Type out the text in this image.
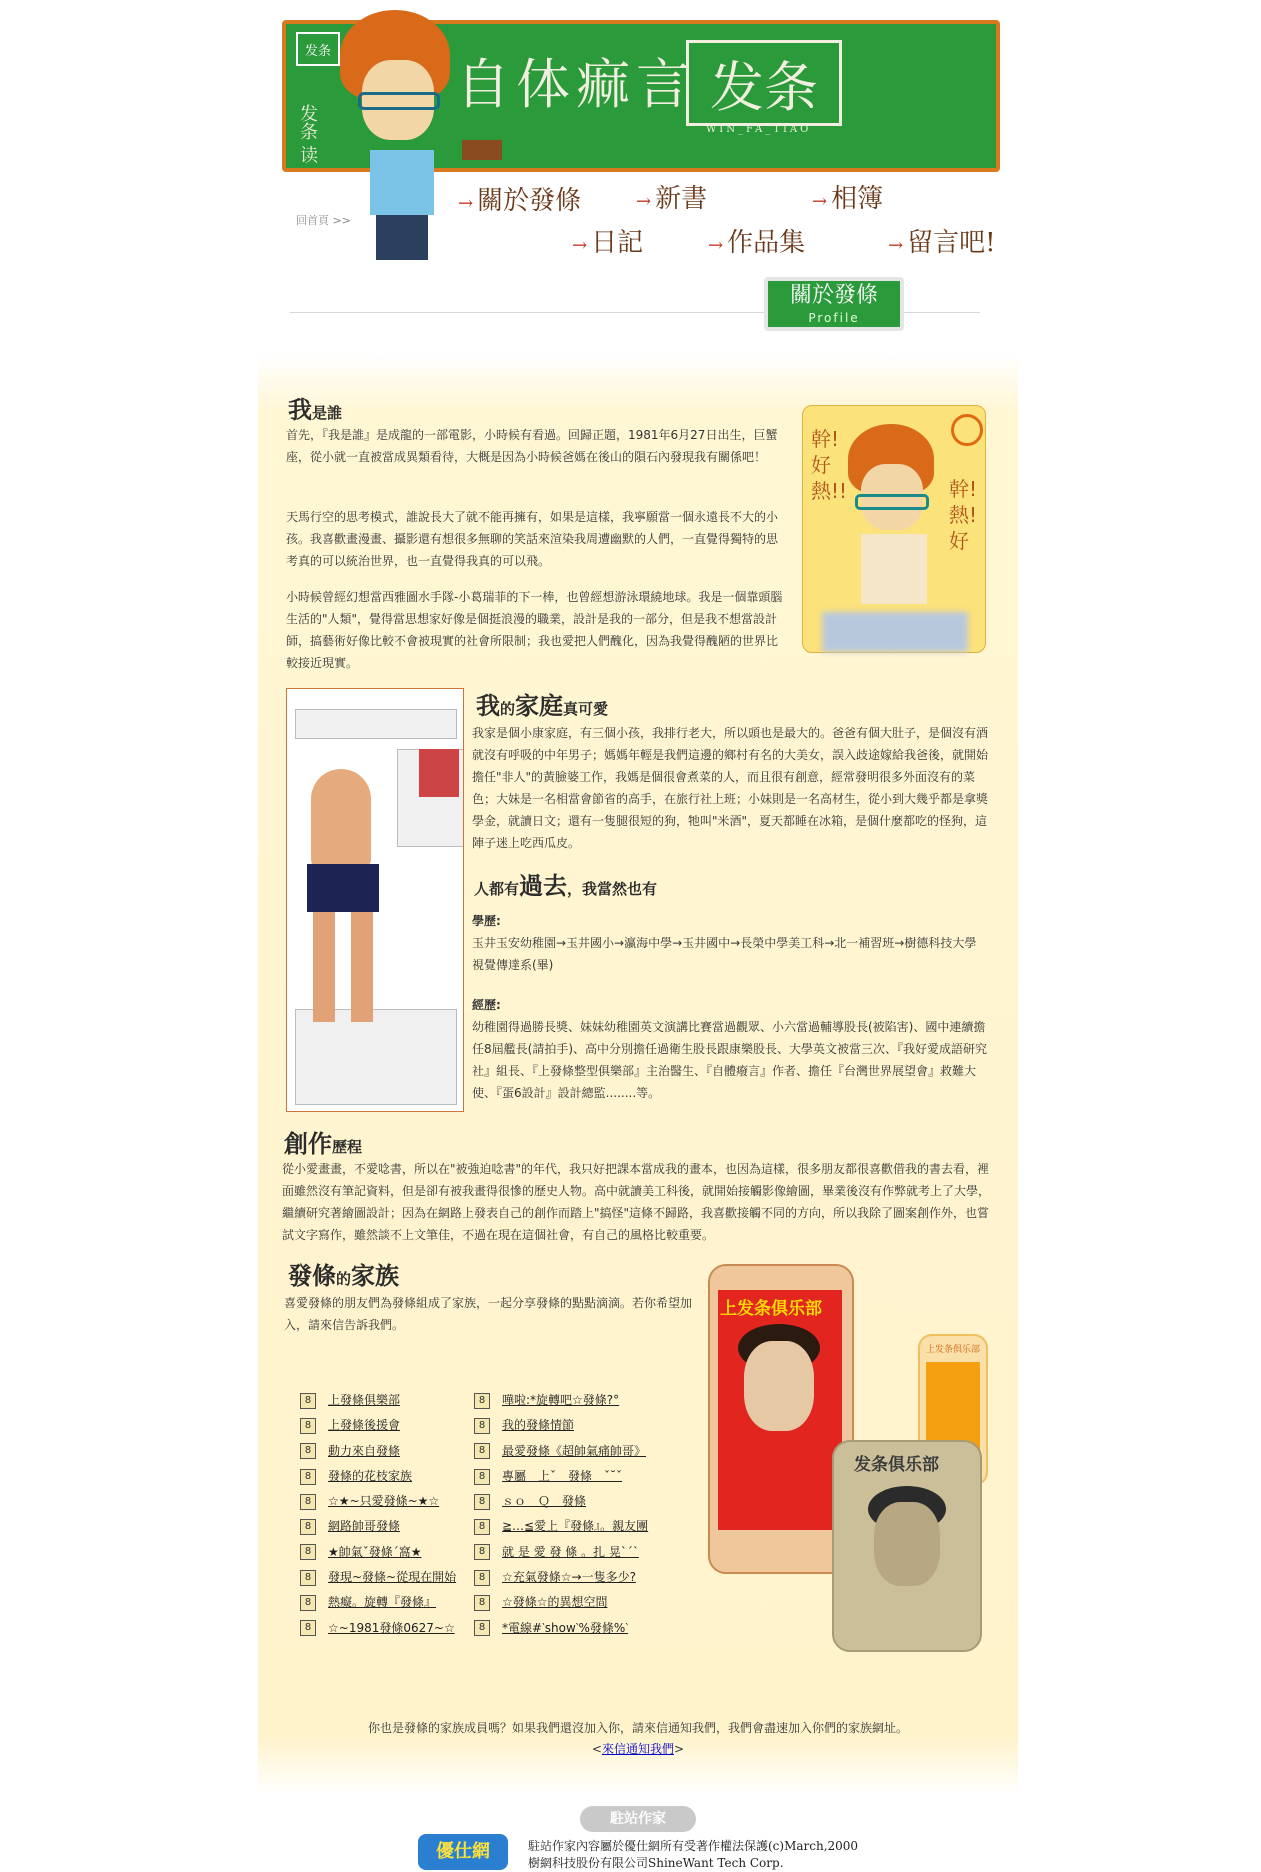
发条
发条 读
自体痲言 发条
WIN_FA_TIAO
回首頁 >>
→ 關於發條	→ 新書	→ 相簿
→ 日記	→ 作品集	→ 留言吧!
關於發條
Profile
我是誰
首先，『我是誰』是成龍的一部電影，小時候有看過。回歸正題，1981年6月27日出生，巨蟹座，從小就一直被當成異類看待，大概是因為小時候爸媽在後山的隕石內發現我有關係吧！
天馬行空的思考模式，誰說長大了就不能再擁有，如果是這樣，我寧願當一個永遠長不大的小孩。我喜歡畫漫畫、攝影還有想很多無聊的笑話來渲染我周遭幽默的人們，一直覺得獨特的思考真的可以統治世界，也一直覺得我真的可以飛。
小時候曾經幻想當西雅圖水手隊-小葛瑞菲的下一棒，也曾經想游泳環繞地球。我是一個靠頭腦生活的"人類"，覺得當思想家好像是個挺浪漫的職業，設計是我的一部分，但是我不想當設計師，搞藝術好像比較不會被現實的社會所限制；我也愛把人們醜化，因為我覺得醜陋的世界比較接近現實。
幹!好熱!!	幹!熱!好
我的家庭真可愛
我家是個小康家庭，有三個小孩，我排行老大，所以頭也是最大的。爸爸有個大肚子，是個沒有酒就沒有呼吸的中年男子；媽媽年輕是我們這邊的鄉村有名的大美女，誤入歧途嫁給我爸後，就開始擔任"非人"的黃臉婆工作，我媽是個很會煮菜的人，而且很有創意，經常發明很多外面沒有的菜色；大妹是一名相當會節省的高手，在旅行社上班；小妹則是一名高材生，從小到大幾乎都是拿獎學金，就讀日文；還有一隻腿很短的狗，牠叫"米酒"，夏天都睡在冰箱，是個什麼都吃的怪狗，這陣子迷上吃西瓜皮。
人都有過去，我當然也有
學歷:
玉井玉安幼稚園→玉井國小→瀛海中學→玉井國中→長榮中學美工科→北一補習班→樹德科技大學 視覺傳達系(畢)
經歷:
幼稚園得過勝長獎、妹妹幼稚園英文演講比賽當過觀眾、小六當過輔導股長(被陷害)、國中連續擔任8屆艦長(請拍手)、高中分別擔任過衛生股長跟康樂股長、大學英文被當三次、『我好愛成語研究社』組長、『上發條整型俱樂部』主治醫生、『自體癈言』作者、擔任『台灣世界展望會』救難大使、『蛋6設計』設計總監........等。
創作歷程
從小愛畫畫，不愛唸書，所以在"被強迫唸書"的年代，我只好把課本當成我的畫本，也因為這樣，很多朋友都很喜歡借我的書去看，裡面雖然沒有筆記資料，但是卻有被我畫得很慘的歷史人物。高中就讀美工科後，就開始接觸影像繪圖，畢業後沒有作弊就考上了大學，繼續研究著繪圖設計；因為在網路上發表自己的創作而踏上"搞怪"這條不歸路，我喜歡接觸不同的方向，所以我除了圖案創作外，也嘗試文字寫作，雖然談不上文筆佳，不過在現在這個社會，有自己的風格比較重要。
發條的家族
喜愛發條的朋友們為發條組成了家族，一起分享發條的點點滴滴。若你希望加入，請來信告訴我們。
8	上發條俱樂部
8	上發條後援會
8	動力來自發條
8	發條的花枝家族
8	☆★~只愛發條~★☆
8	網路帥哥發條
8	★帥氣ˇ發條ˊ窩★
8	發現~發條~從現在開始
8	熱癡。旋轉『發條』
8	☆~1981發條0627~☆
8	嘩啦:*旋轉吧☆發條?°
8	我的發條情節
8	最愛發條《超帥氣痛帥哥》
8	專屬　上ˇ　發條　ˇ˘ˇ
8	ｓｏ　Ｑ　發條
8	≧…≦愛上『發條』。親友團
8	就 是 愛 發 條 。扎 晃ˋˊˋ
8	☆充氣發條☆→一隻多少?
8	☆發條☆的異想空間
8	*電線#‵show‵%發條%‵
上发条俱乐部
上发条俱乐部
发条俱乐部
你也是發條的家族成員嗎？如果我們還沒加入你，請來信通知我們，我們會盡速加入你們的家族網址。
<來信通知我們>
駐站作家
優仕網	駐站作家內容屬於優仕網所有受著作權法保護(c)March,2000
樹網科技股份有限公司ShineWant Tech Corp.
